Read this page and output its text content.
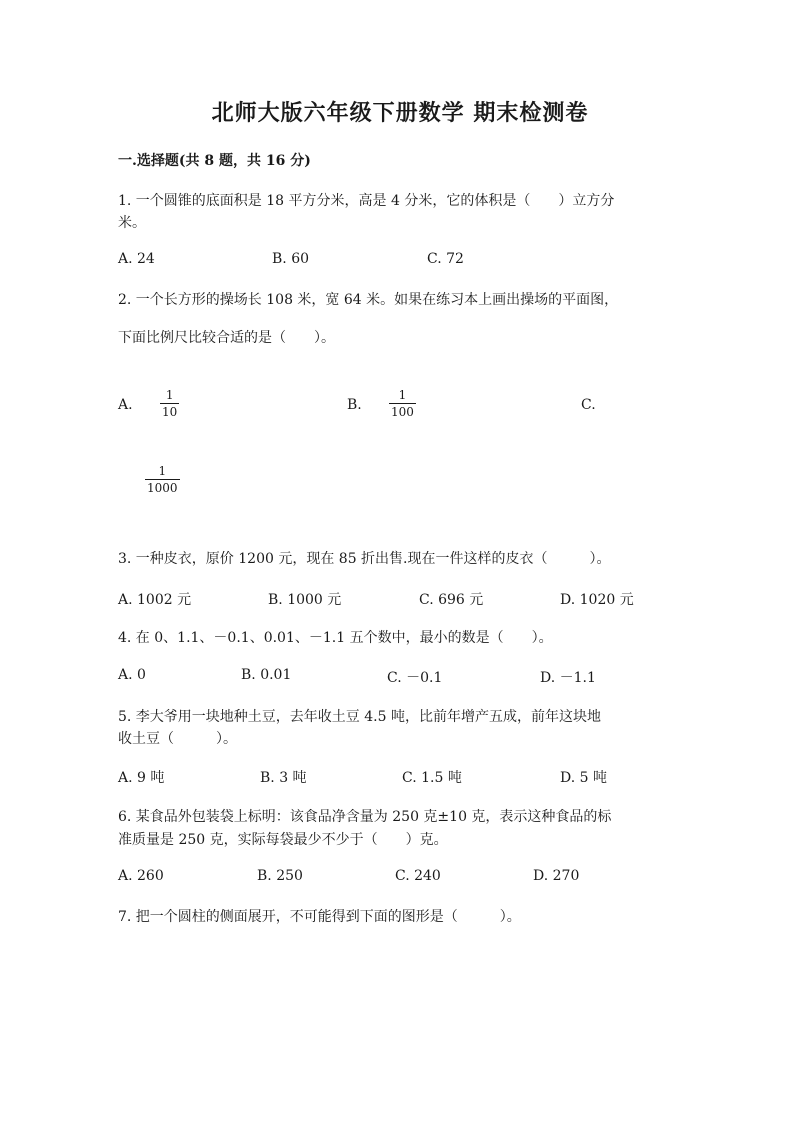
北师大版六年级下册数学 期末检测卷
一.选择题(共 8 题，共 16 分)
1. 一个圆锥的底面积是 18 平方分米，高是 4 分米，它的体积是（　　）立方分
米。
A. 24	B. 60	C. 72
2. 一个长方形的操场长 108 米，宽 64 米。如果在练习本上画出操场的平面图，
下面比例尺比较合适的是（　　）。
A.
1
10	B.
1
100	C.
1
1000
3. 一种皮衣，原价 1200 元，现在 85 折出售.现在一件这样的皮衣（　　　）。
A. 1002 元	B. 1000 元	C. 696 元	D. 1020 元
4. 在 0、1.1、－0.1、0.01、－1.1 五个数中，最小的数是（　　）。
A. 0	B. 0.01	C. －0.1	D. －1.1
5. 李大爷用一块地种土豆，去年收土豆 4.5 吨，比前年增产五成，前年这块地
收土豆（　　　）。
A. 9 吨	B. 3 吨	C. 1.5 吨	D. 5 吨
6. 某食品外包装袋上标明：该食品净含量为 250 克±10 克，表示这种食品的标
准质量是 250 克，实际每袋最少不少于（　　）克。
A. 260	B. 250	C. 240	D. 270
7. 把一个圆柱的侧面展开，不可能得到下面的图形是（　　　）。
